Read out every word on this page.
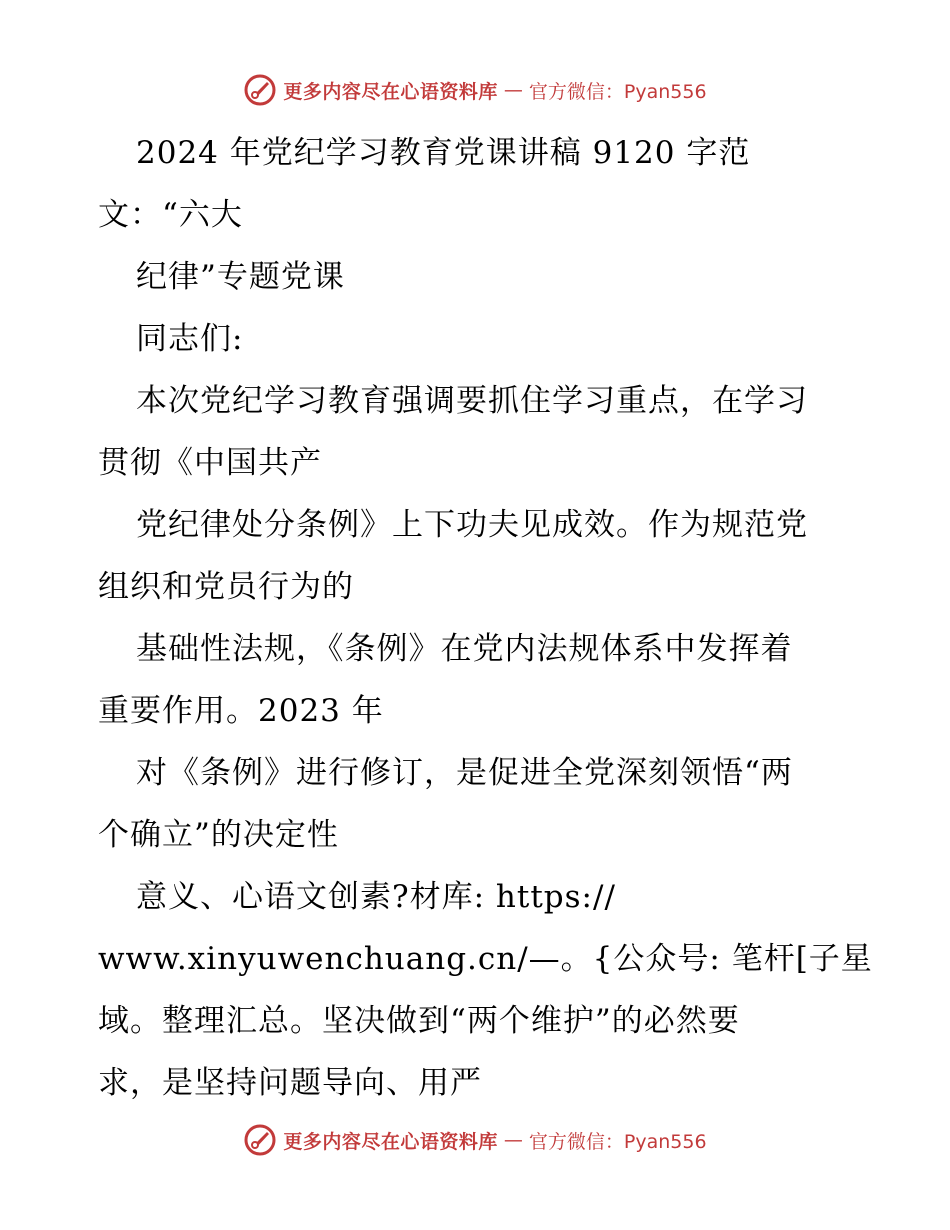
更多内容尽在心语资料库 — 官方微信：Pyan556
2024 年党纪学习教育党课讲稿 9120 字范
文：“六大
纪律”专题党课
同志们:
本次党纪学习教育强调要抓住学习重点，在学习
贯彻《中国共产
党纪律处分条例》上下功夫见成效。作为规范党
组织和党员行为的
基础性法规，《条例》在党内法规体系中发挥着
重要作用。2023 年
对《条例》进行修订，是促进全党深刻领悟“两
个确立”的决定性
意义、心语文创素?材库: https://
www.xinyuwenchuang.cn/—。{公众号: 笔杆[子星
域。整理汇总。坚决做到“两个维护”的必然要
求，是坚持问题导向、用严
更多内容尽在心语资料库 — 官方微信：Pyan556
